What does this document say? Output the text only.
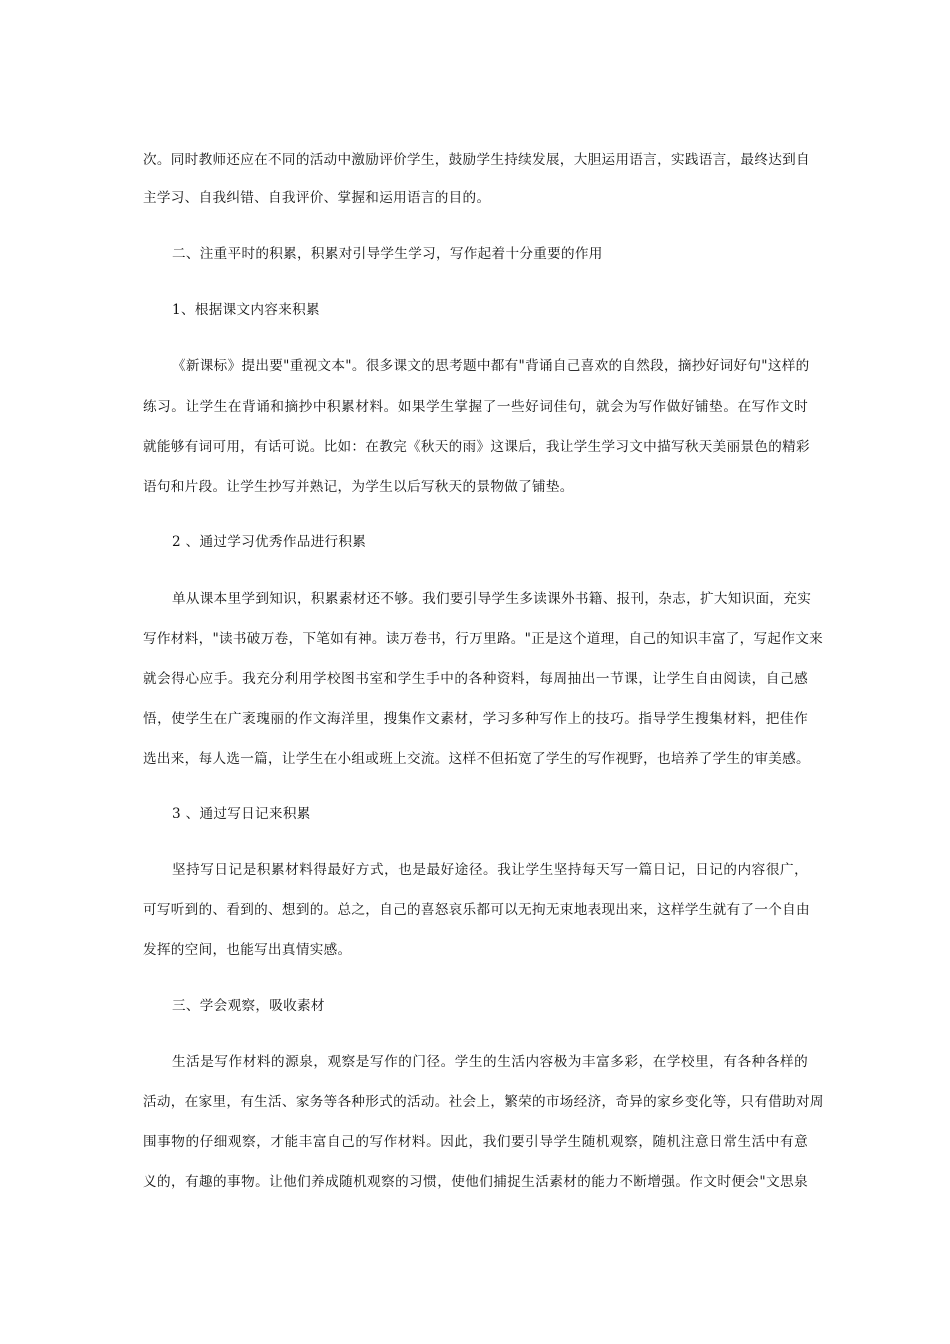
次。同时教师还应在不同的活动中激励评价学生，鼓励学生持续发展，大胆运用语言，实践语言，最终达到自
主学习、自我纠错、自我评价、掌握和运用语言的目的。
二、注重平时的积累，积累对引导学生学习，写作起着十分重要的作用
1、根据课文内容来积累
《新课标》提出要"重视文本"。很多课文的思考题中都有"背诵自己喜欢的自然段，摘抄好词好句"这样的
练习。让学生在背诵和摘抄中积累材料。如果学生掌握了一些好词佳句，就会为写作做好铺垫。在写作文时
就能够有词可用，有话可说。比如：在教完《秋天的雨》这课后，我让学生学习文中描写秋天美丽景色的精彩
语句和片段。让学生抄写并熟记，为学生以后写秋天的景物做了铺垫。
2 、通过学习优秀作品进行积累
单从课本里学到知识，积累素材还不够。我们要引导学生多读课外书籍、报刊，杂志，扩大知识面，充实
写作材料，"读书破万卷，下笔如有神。读万卷书，行万里路。"正是这个道理，自己的知识丰富了，写起作文来
就会得心应手。我充分利用学校图书室和学生手中的各种资料，每周抽出一节课，让学生自由阅读，自己感
悟，使学生在广袤瑰丽的作文海洋里，搜集作文素材，学习多种写作上的技巧。指导学生搜集材料，把佳作
选出来，每人选一篇，让学生在小组或班上交流。这样不但拓宽了学生的写作视野，也培养了学生的审美感。
3 、通过写日记来积累
坚持写日记是积累材料得最好方式，也是最好途径。我让学生坚持每天写一篇日记，日记的内容很广，
可写听到的、看到的、想到的。总之，自己的喜怒哀乐都可以无拘无束地表现出来，这样学生就有了一个自由
发挥的空间，也能写出真情实感。
三、学会观察，吸收素材
生活是写作材料的源泉，观察是写作的门径。学生的生活内容极为丰富多彩，在学校里，有各种各样的
活动，在家里，有生活、家务等各种形式的活动。社会上，繁荣的市场经济，奇异的家乡变化等，只有借助对周
围事物的仔细观察，才能丰富自己的写作材料。因此，我们要引导学生随机观察，随机注意日常生活中有意
义的，有趣的事物。让他们养成随机观察的习惯，使他们捕捉生活素材的能力不断增强。作文时便会"文思泉
